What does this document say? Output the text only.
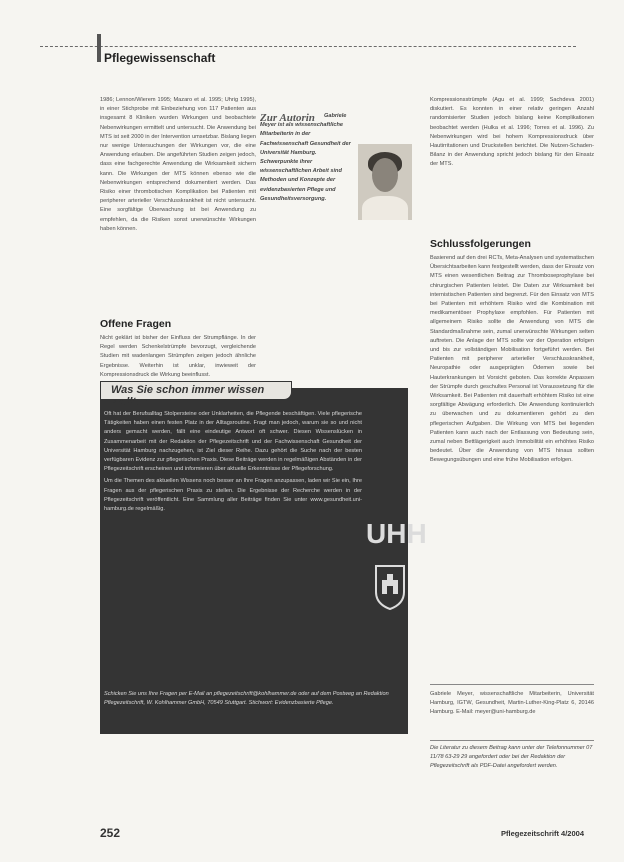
Pflegewissenschaft

1986; Lennon/Wierem 1995; Mazaro et al. 1995; Uhrig 1995), in einer Stichprobe mit Einbeziehung von 117 Patienten aus insgesamt 8 Kliniken wurden Wirkungen und beobachtete Nebenwirkungen ermittelt und untersucht. Die Anwendung bei MTS ist seit 2000 in der Intervention umsetzbar. Bislang liegen nur wenige Untersuchungen der Wirkungen vor, die eine Anwendung erlauben. Die angeführten Studien zeigen jedoch, dass eine fachgerechte Anwendung die Wirksamkeit sichern kann. Die Wirkungen der MTS können ebenso wie die Nebenwirkungen entsprechend dokumentiert werden. Das Risiko einer thrombotischen Komplikation bei Patienten mit peripherer arterieller Verschlusskrankheit ist nicht untersucht. Eine sorgfältige Überwachung ist bei Anwendung zu empfehlen, da die Risiken sonst unerwünschte Wirkungen haben können.

Offene Fragen

Nicht geklärt ist bisher der Einfluss der Strumpflänge. In der Regel werden Schenkelstrümpfe bevorzugt, vergleichende Studien mit wadenlangen Strümpfen zeigen jedoch ähnliche Ergebnisse. Weiterhin ist unklar, inwieweit der Kompressionsdruck die Wirkung beeinflusst.

Zur Autorin	Gabriele Meyer ist als wissenschaftliche Mitarbeiterin in der Fachwissenschaft Gesundheit der Universität Hamburg. Schwerpunkte ihrer wissenschaftlichen Arbeit sind Methoden und Konzepte der evidenzbasierten Pflege und Gesundheitsversorgung.

Kompressionsstrümpfe (Agu et al. 1999; Sachdeva 2001) diskutiert. Es konnten in einer relativ geringen Anzahl randomisierter Studien jedoch bislang keine Komplikationen beobachtet werden (Hulka et al. 1996; Torres et al. 1996). Zu Nebenwirkungen wird bei hohem Kompressionsdruck über Hautirritationen und Druckstellen berichtet. Die Nutzen-Schaden-Bilanz in der Anwendung spricht jedoch bislang für den Einsatz der MTS.

Schlussfolgerungen

Basierend auf den drei RCTs, Meta-Analysen und systematischen Übersichtsarbeiten kann festgestellt werden, dass der Einsatz von MTS einen wesentlichen Beitrag zur Thromboseprophylaxe bei chirurgischen Patienten leistet. Die Daten zur Wirksamkeit bei internistischen Patienten sind begrenzt. Für den Einsatz von MTS bei Patienten mit erhöhtem Risiko wird die Kombination mit medikamentöser Prophylaxe empfohlen. Für Patienten mit allgemeinem Risiko sollte die Anwendung von MTS die Standardmaßnahme sein, zumal unerwünschte Wirkungen selten auftreten. Die Anlage der MTS sollte vor der Operation erfolgen und bis zur vollständigen Mobilisation fortgeführt werden. Bei Patienten mit peripherer arterieller Verschlusskrankheit, Neuropathie oder ausgeprägten Ödemen sowie bei Hauterkrankungen ist Vorsicht geboten. Das korrekte Anpassen der Strümpfe durch geschultes Personal ist Voraussetzung für die Wirksamkeit. Bei Patienten mit dauerhaft erhöhtem Risiko ist eine sorgfältige Abwägung erforderlich. Die Anwendung kontinuierlich zu überwachen und zu dokumentieren gehört zu den pflegerischen Aufgaben. Die Wirkung von MTS bei liegenden Patienten kann auch nach der Entlassung von Bedeutung sein, zumal neben Bettlägerigkeit auch Immobilität ein erhöhtes Risiko bedeutet. Über die Anwendung von MTS hinaus sollten Bewegungsübungen und eine frühe Mobilisation erfolgen.

Gabriele Meyer, wissenschaftliche Mitarbeiterin, Universität Hamburg, IGTW, Gesundheit, Martin-Luther-King-Platz 6, 20146 Hamburg. E-Mail: meyer@uni-hamburg.de

Die Literatur zu diesem Beitrag kann unter der Telefonnummer 07 11/78 63-29 29 angefordert oder bei der Redaktion der Pflegezeitschrift als PDF-Datei angefordert werden.
Was Sie schon immer wissen wollten ...

Oft hat der Berufsalltag Stolpersteine oder Unklarheiten, die Pflegende beschäftigen. Viele pflegerische Tätigkeiten haben einen festen Platz in der Alltagsroutine. Fragt man jedoch, warum sie so und nicht anders gemacht werden, fällt eine eindeutige Antwort oft schwer. Diesen Wissenslücken in Zusammenarbeit mit der Redaktion der Pflegezeitschrift und der Fachwissenschaft Gesundheit der Universität Hamburg nachzugehen, ist Ziel dieser Reihe. Dazu gehört die Suche nach der besten verfügbaren Evidenz zur pflegerischen Praxis. Diese Beiträge werden in regelmäßigen Abständen in der Pflegezeitschrift erscheinen und informieren über aktuelle Erkenntnisse der Pflegeforschung.

Um die Themen des aktuellen Wissens noch besser an Ihre Fragen anzupassen, laden wir Sie ein, Ihre Fragen aus der pflegerischen Praxis zu stellen. Die Ergebnisse der Recherche werden in der Pflegezeitschrift veröffentlicht. Eine Sammlung aller Beiträge finden Sie unter www.gesundheit.uni-hamburg.de regelmäßig.

UHH
Schicken Sie uns Ihre Fragen per E-Mail an pflegezeitschrift@kohlhammer.de oder auf dem Postweg an Redaktion Pflegezeitschrift, W. Kohlhammer GmbH, 70549 Stuttgart. Stichwort: Evidenzbasierte Pflege.
252	Pflegezeitschrift 4/2004
